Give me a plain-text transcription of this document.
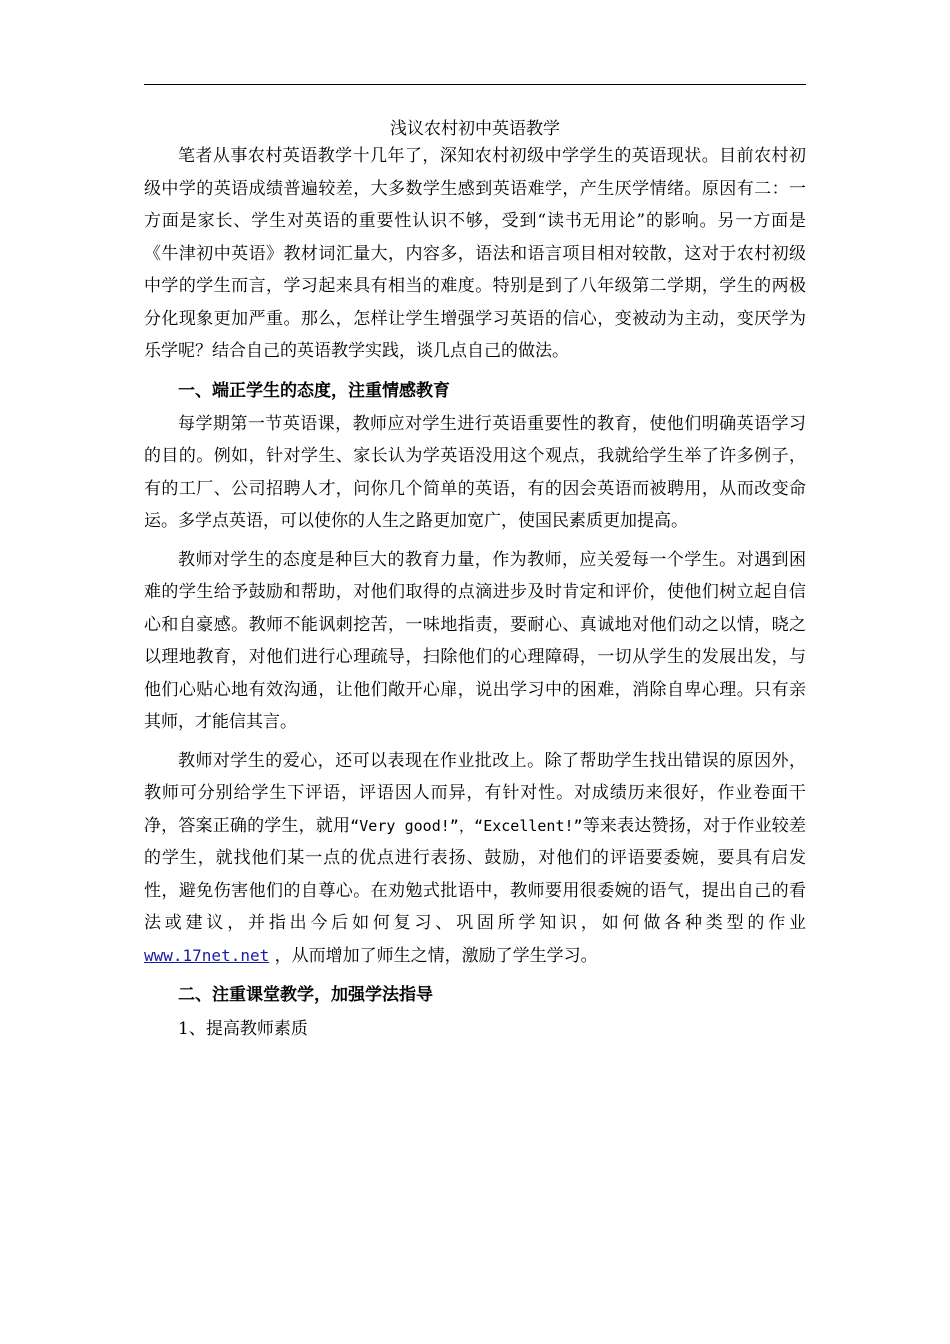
浅议农村初中英语教学

笔者从事农村英语教学十几年了，深知农村初级中学学生的英语现状。目前农村初级中学的英语成绩普遍较差，大多数学生感到英语难学，产生厌学情绪。原因有二：一方面是家长、学生对英语的重要性认识不够，受到“读书无用论”的影响。另一方面是《牛津初中英语》教材词汇量大，内容多，语法和语言项目相对较散，这对于农村初级中学的学生而言，学习起来具有相当的难度。特别是到了八年级第二学期，学生的两极分化现象更加严重。那么，怎样让学生增强学习英语的信心，变被动为主动，变厌学为乐学呢？结合自己的英语教学实践，谈几点自己的做法。

一、端正学生的态度，注重情感教育

每学期第一节英语课，教师应对学生进行英语重要性的教育，使他们明确英语学习的目的。例如，针对学生、家长认为学英语没用这个观点，我就给学生举了许多例子，有的工厂、公司招聘人才，问你几个简单的英语，有的因会英语而被聘用，从而改变命运。多学点英语，可以使你的人生之路更加宽广，使国民素质更加提高。

教师对学生的态度是种巨大的教育力量，作为教师，应关爱每一个学生。对遇到困难的学生给予鼓励和帮助，对他们取得的点滴进步及时肯定和评价，使他们树立起自信心和自豪感。教师不能讽刺挖苦，一味地指责，要耐心、真诚地对他们动之以情，晓之以理地教育，对他们进行心理疏导，扫除他们的心理障碍，一切从学生的发展出发，与他们心贴心地有效沟通，让他们敞开心扉，说出学习中的困难，消除自卑心理。只有亲其师，才能信其言。

教师对学生的爱心，还可以表现在作业批改上。除了帮助学生找出错误的原因外，教师可分别给学生下评语，评语因人而异，有针对性。对成绩历来很好，作业卷面干净，答案正确的学生，就用“Very good!”，“Excellent!”等来表达赞扬，对于作业较差的学生，就找他们某一点的优点进行表扬、鼓励，对他们的评语要委婉，要具有启发性，避免伤害他们的自尊心。在劝勉式批语中，教师要用很委婉的语气，提出自己的看法或建议，并指出今后如何复习、巩固所学知识，如何做各种类型的作业www.17net.net ，从而增加了师生之情，激励了学生学习。

二、注重课堂教学，加强学法指导

1、提高教师素质
